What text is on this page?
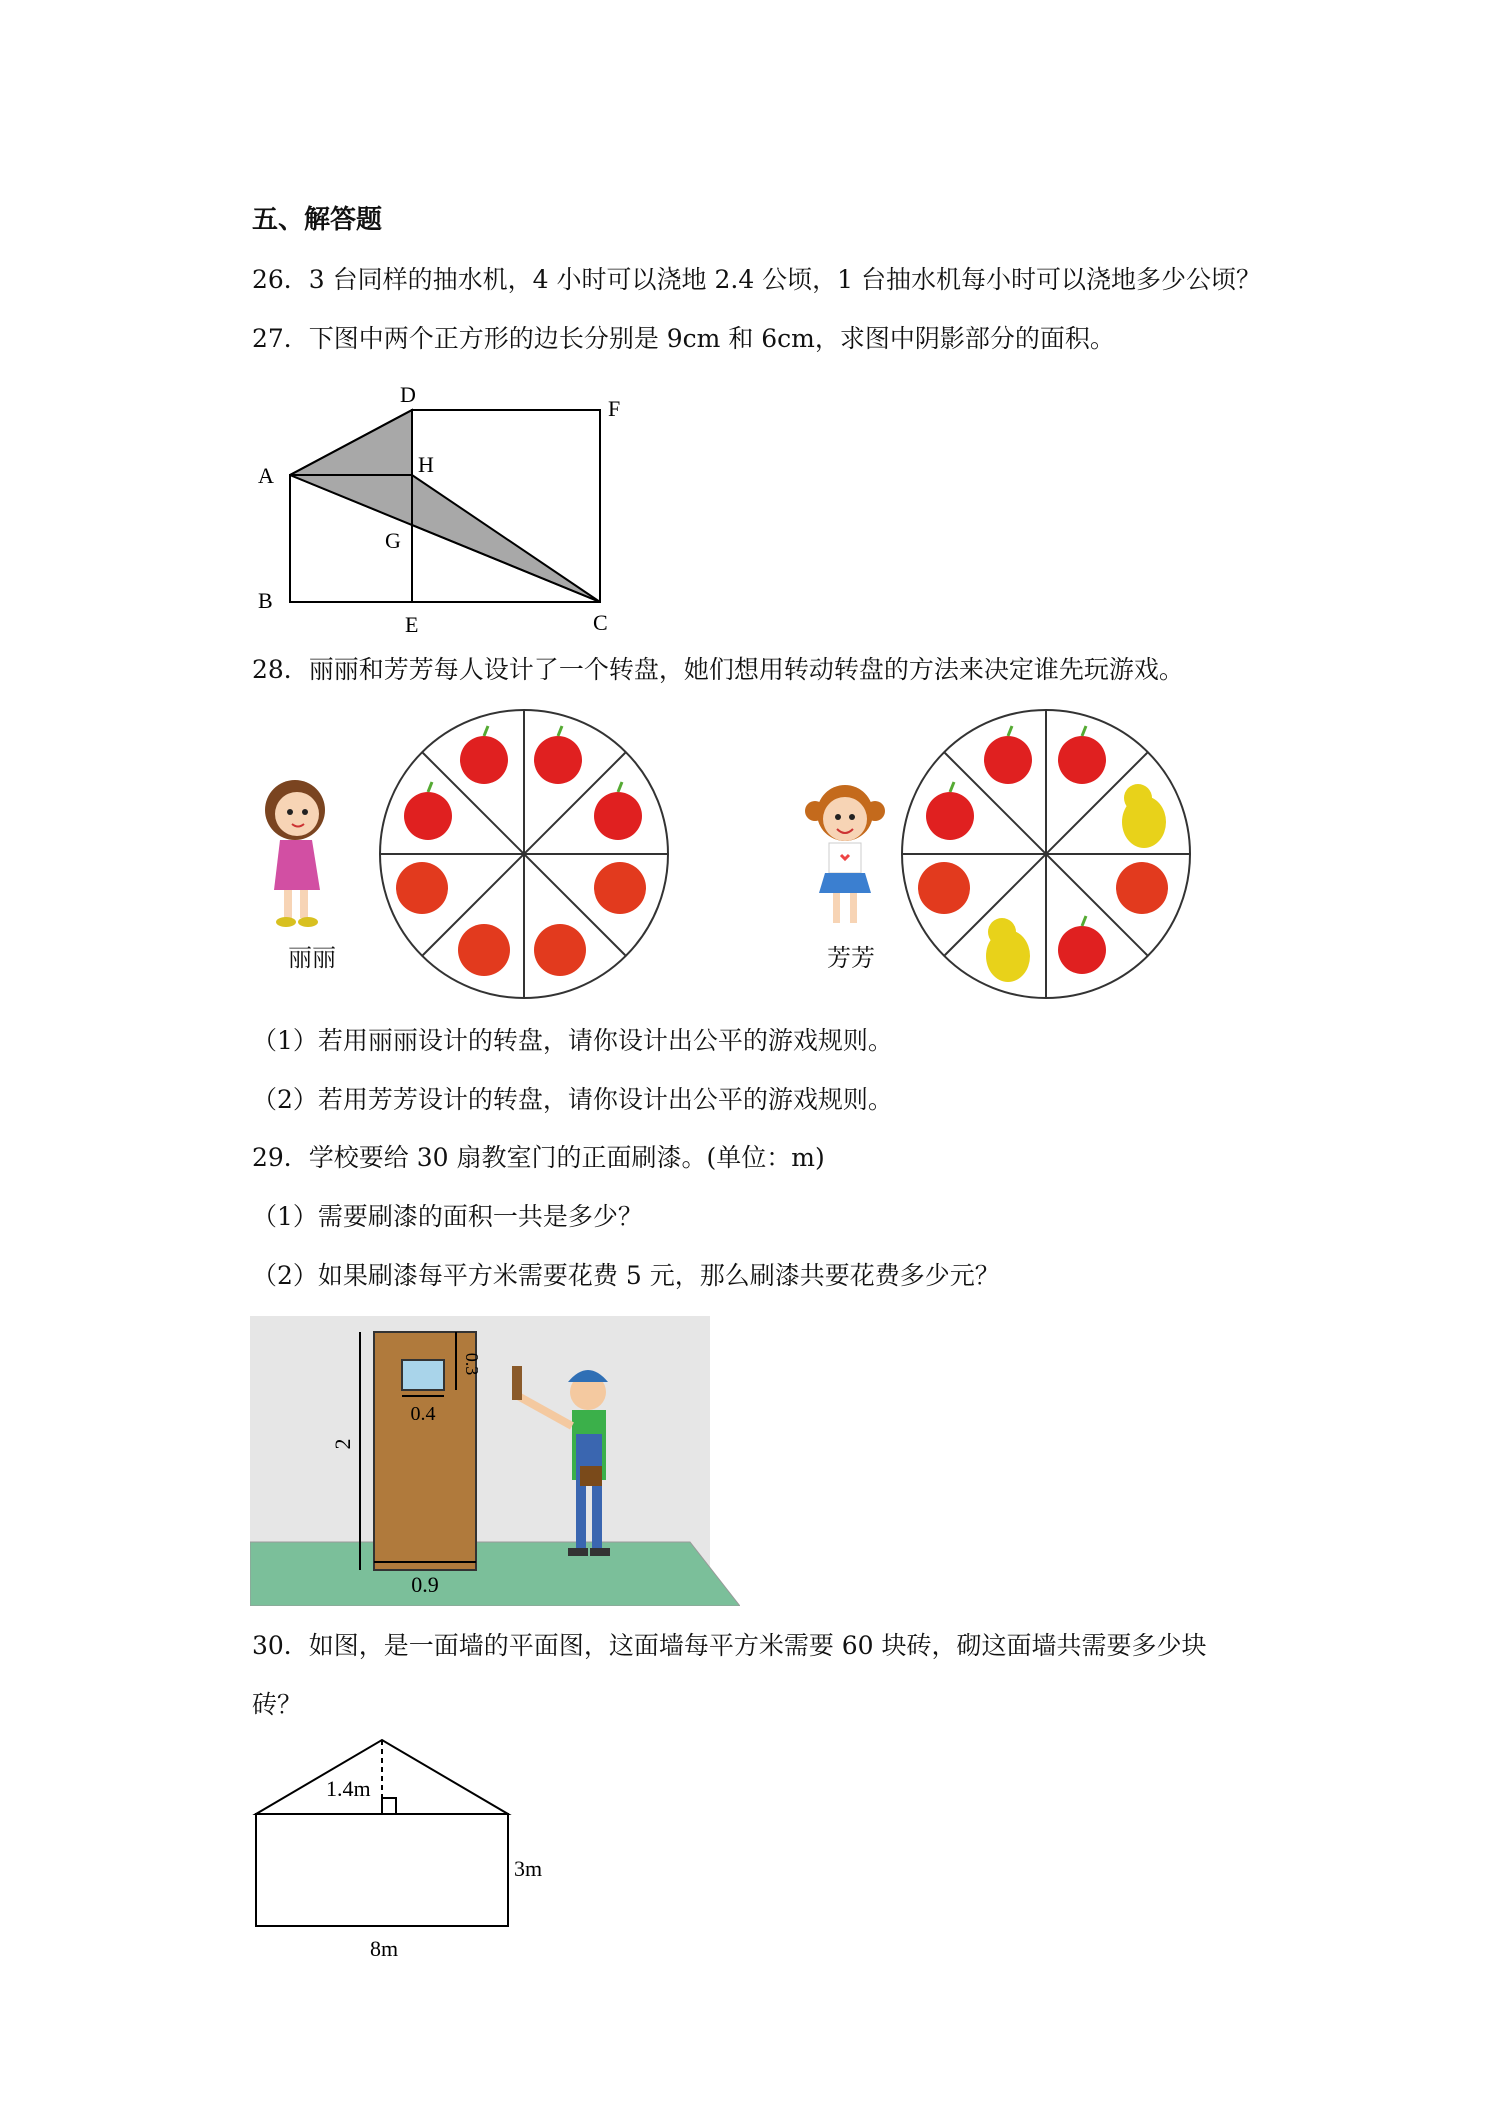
五、解答题
26．3 台同样的抽水机，4 小时可以浇地 2.4 公顷，1 台抽水机每小时可以浇地多少公顷？
27．下图中两个正方形的边长分别是 9cm 和 6cm，求图中阴影部分的面积。
A
B
C
D
E
F
G
H
28．丽丽和芳芳每人设计了一个转盘，她们想用转动转盘的方法来决定谁先玩游戏。
丽丽	芳芳
（1）若用丽丽设计的转盘，请你设计出公平的游戏规则。
（2）若用芳芳设计的转盘，请你设计出公平的游戏规则。
29．学校要给 30 扇教室门的正面刷漆。(单位：m)
（1）需要刷漆的面积一共是多少？
（2）如果刷漆每平方米需要花费 5 元，那么刷漆共要花费多少元？
2
0.9
0.4
0.3
30．如图，是一面墙的平面图，这面墙每平方米需要 60 块砖，砌这面墙共需要多少块
砖？
1.4m
3m
8m
